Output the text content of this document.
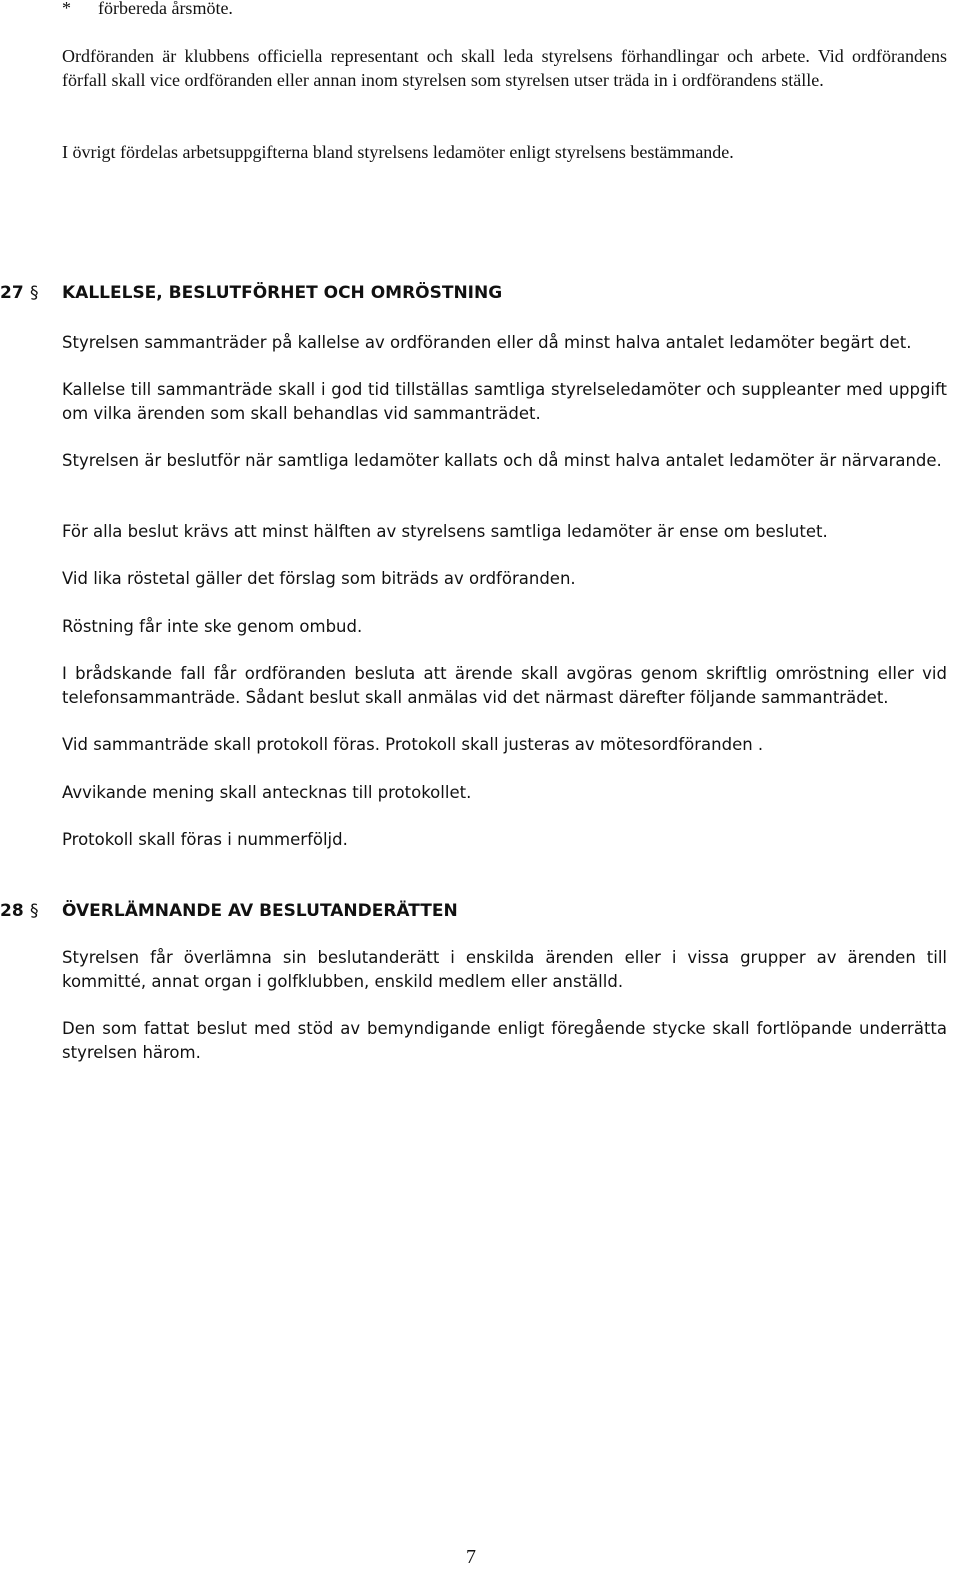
* förbereda årsmöte.

Ordföranden är klubbens officiella representant och skall leda styrelsens förhandlingar och arbete. Vid ordförandens förfall skall vice ordföranden eller annan inom styrelsen som styrelsen utser träda in i ordförandens ställe.

I övrigt fördelas arbetsuppgifterna bland styrelsens ledamöter enligt styrelsens bestämmande.

27 § KALLELSE, BESLUTFÖRHET OCH OMRÖSTNING

Styrelsen sammanträder på kallelse av ordföranden eller då minst halva antalet ledamöter begärt det.

Kallelse till sammanträde skall i god tid tillställas samtliga styrelseledamöter och suppleanter med uppgift om vilka ärenden som skall behandlas vid sammanträdet.

Styrelsen är beslutför när samtliga ledamöter kallats och då minst halva antalet ledamöter är närvarande.

För alla beslut krävs att minst hälften av styrelsens samtliga ledamöter är ense om beslutet.

Vid lika röstetal gäller det förslag som biträds av ordföranden.

Röstning får inte ske genom ombud.

I brådskande fall får ordföranden besluta att ärende skall avgöras genom skriftlig omröstning eller vid telefonsammanträde. Sådant beslut skall anmälas vid det närmast därefter följande sammanträdet.

Vid sammanträde skall protokoll föras. Protokoll skall justeras av mötesordföranden .

Avvikande mening skall antecknas till protokollet.

Protokoll skall föras i nummerföljd.

28 § ÖVERLÄMNANDE AV BESLUTANDERÄTTEN

Styrelsen får överlämna sin beslutanderätt i enskilda ärenden eller i vissa grupper av ärenden till kommitté, annat organ i golfklubben, enskild medlem eller anställd.

Den som fattat beslut med stöd av bemyndigande enligt föregående stycke skall fortlöpande underrätta styrelsen härom.

7
